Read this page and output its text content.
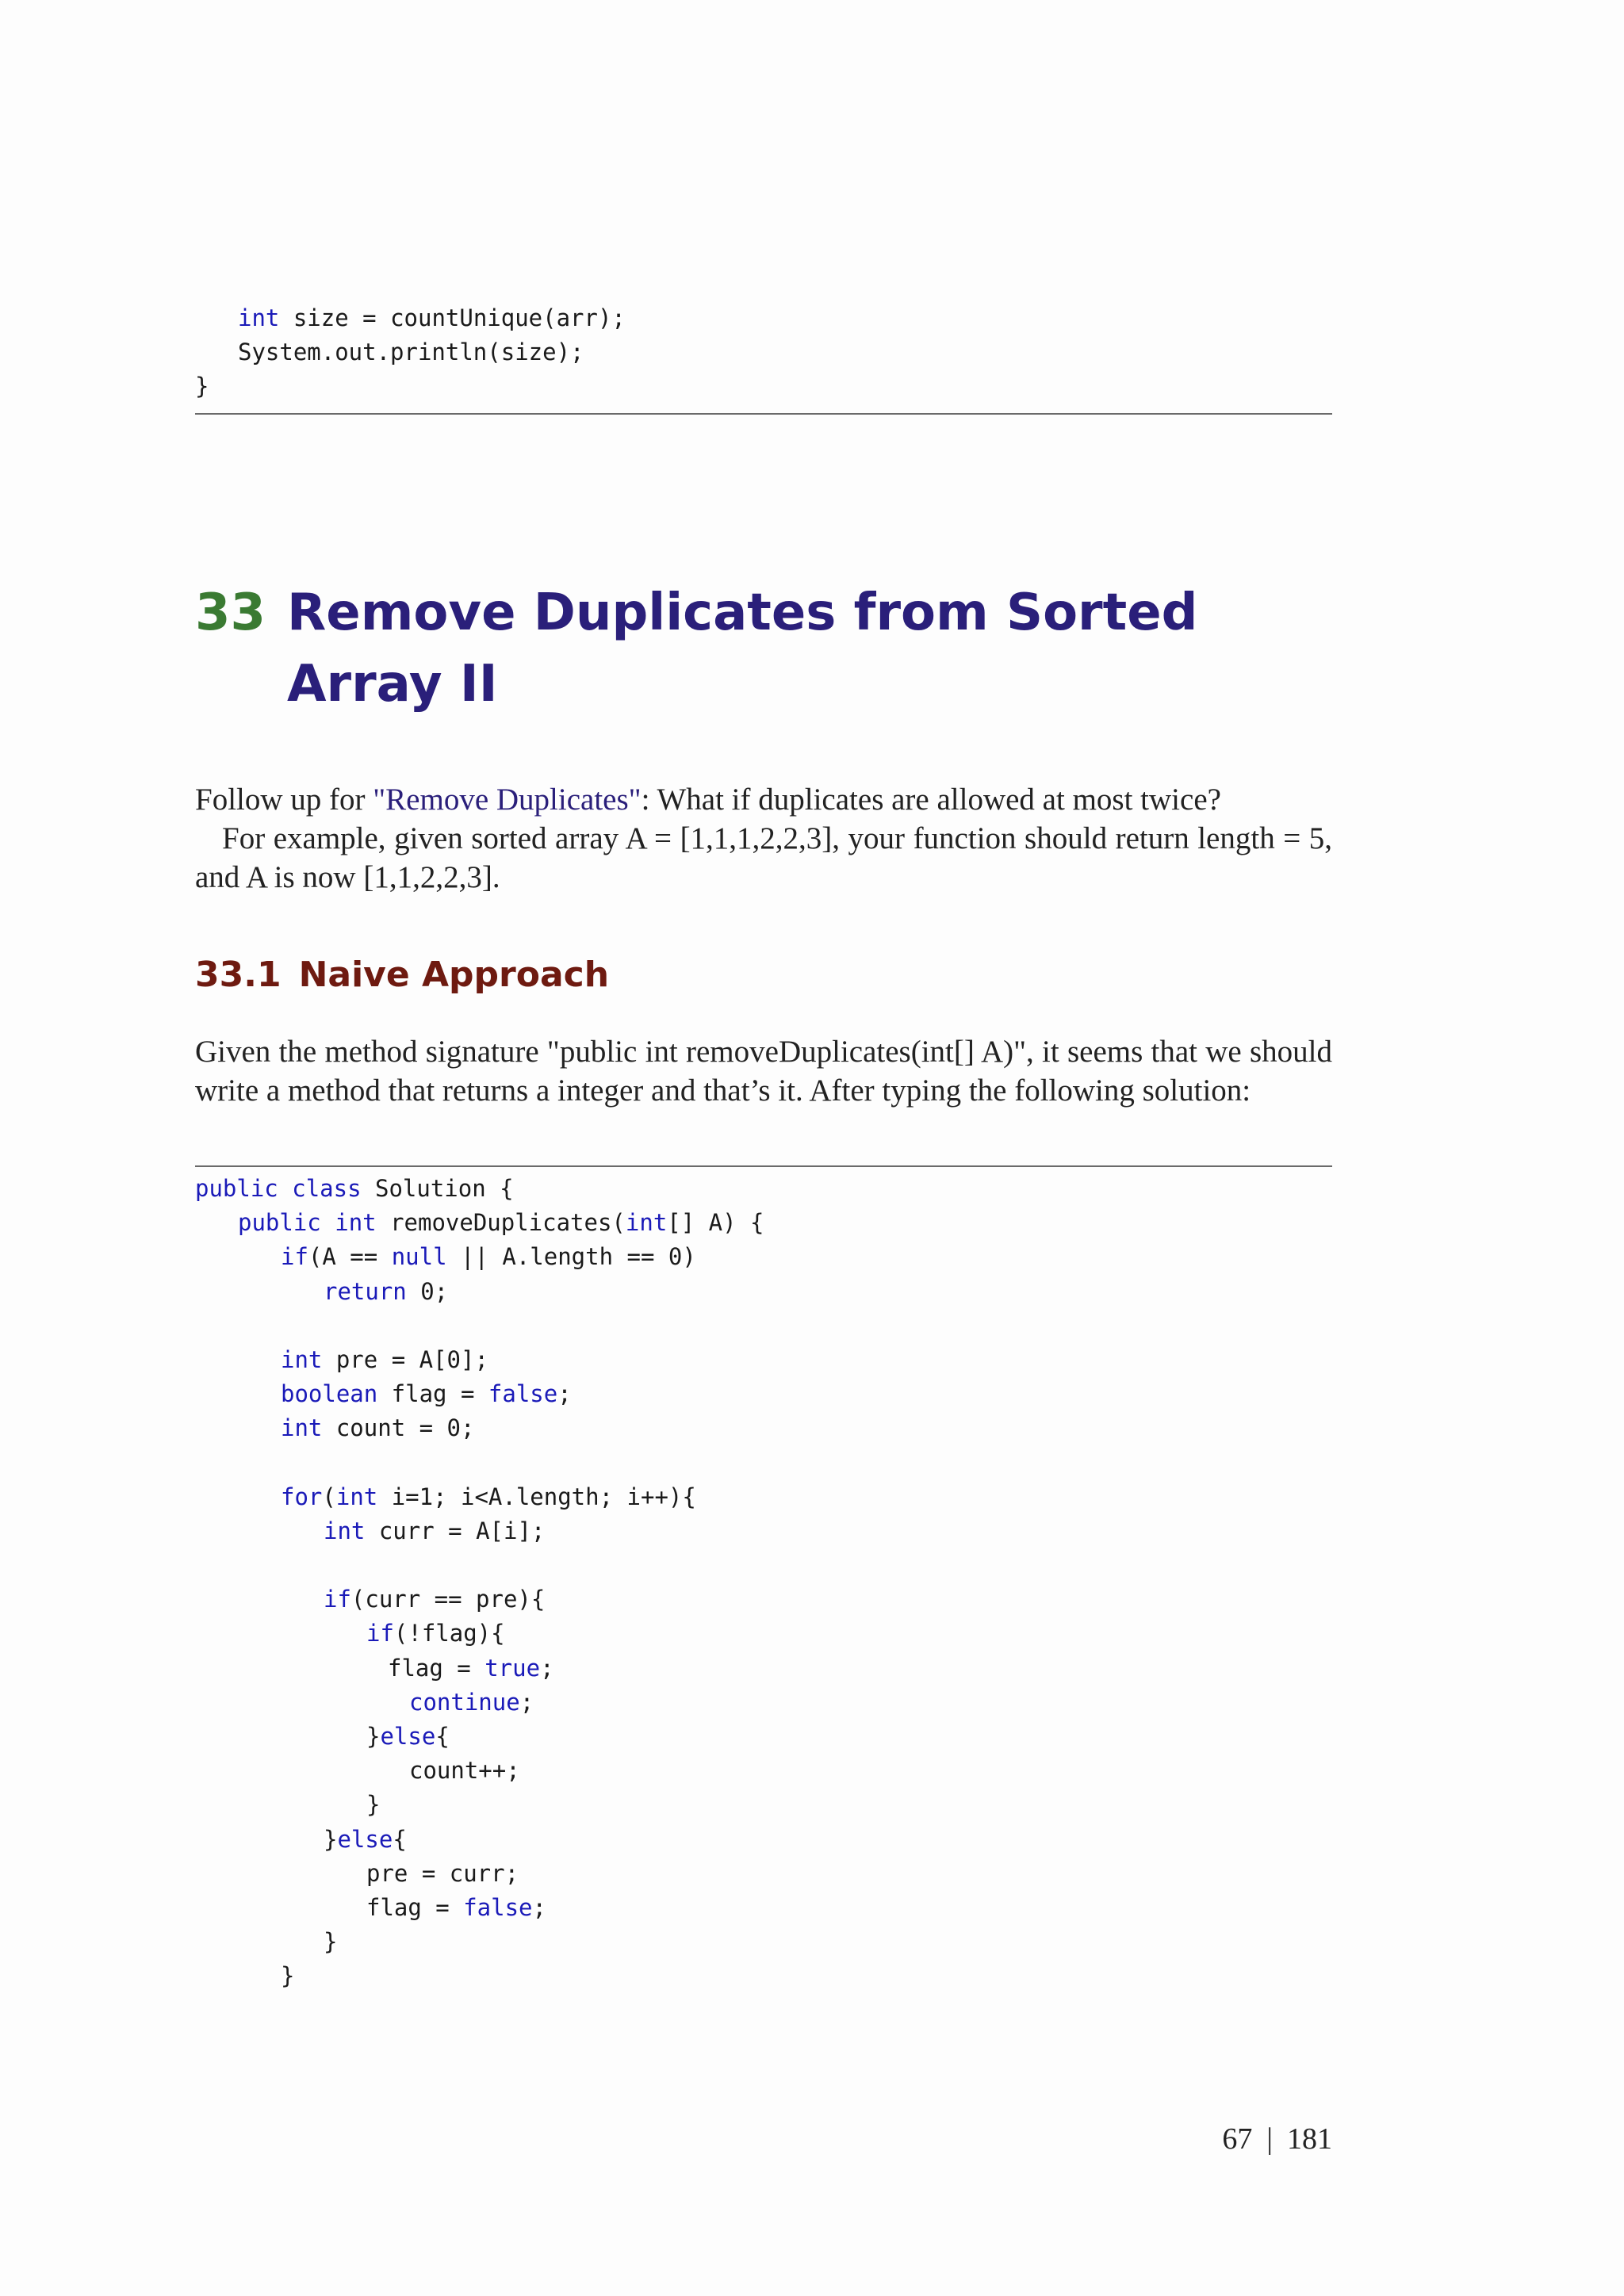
int size = countUnique(arr);
System.out.println(size);
}
33 Remove Duplicates from Sorted Array II

Follow up for "Remove Duplicates": What if duplicates are allowed at most twice?

For example, given sorted array A = [1,1,1,2,2,3], your function should return length = 5, and A is now [1,1,2,2,3].

33.1 Naive Approach
Given the method signature "public int removeDuplicates(int[] A)", it seems that we should write a method that returns a integer and that’s it. After typing the following solution:
public class Solution {
public int removeDuplicates(int[] A) {
if(A == null || A.length == 0)
return 0;
int pre = A[0];
boolean flag = false;
int count = 0;
for(int i=1; i<A.length; i++){
int curr = A[i];
if(curr == pre){
if(!flag){
flag = true;
continue;
}else{
count++;
}
}else{
pre = curr;
flag = false;
}
}
67 | 181
